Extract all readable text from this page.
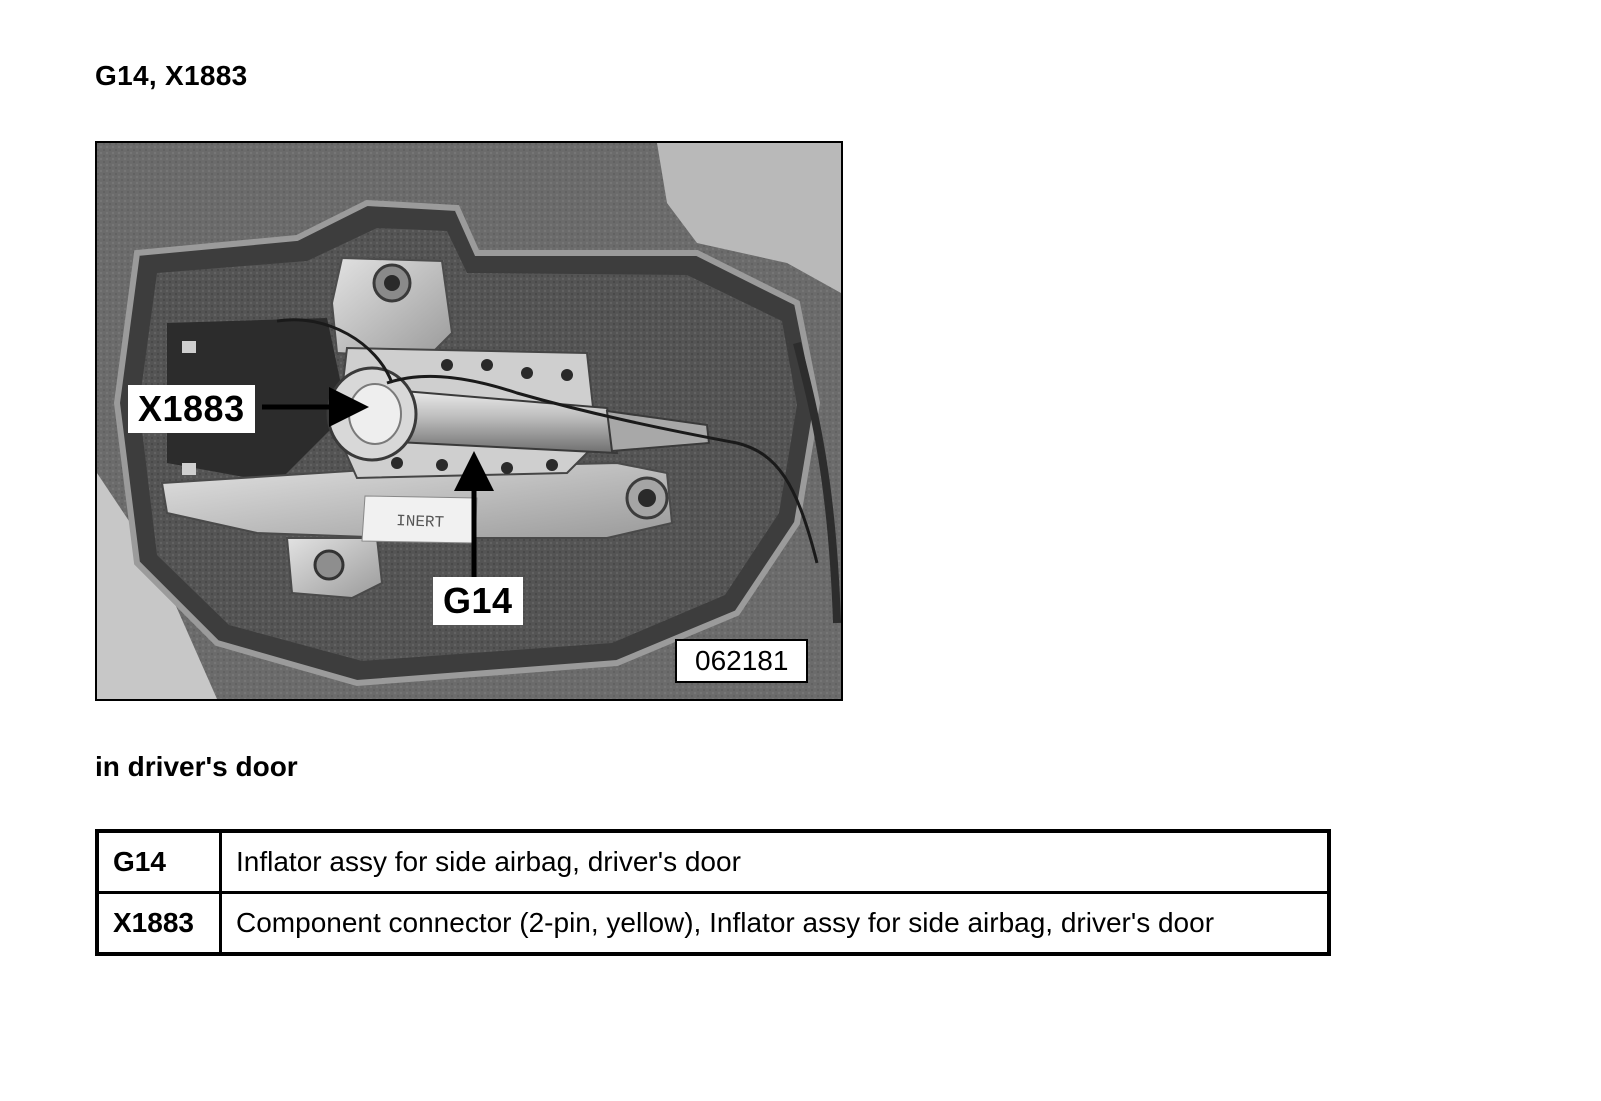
G14, X1883
INERT
X1883
G14
062181
in driver's door
G14	Inflator assy for side airbag, driver's door
X1883	Component connector (2-pin, yellow), Inflator assy for side airbag, driver's door
